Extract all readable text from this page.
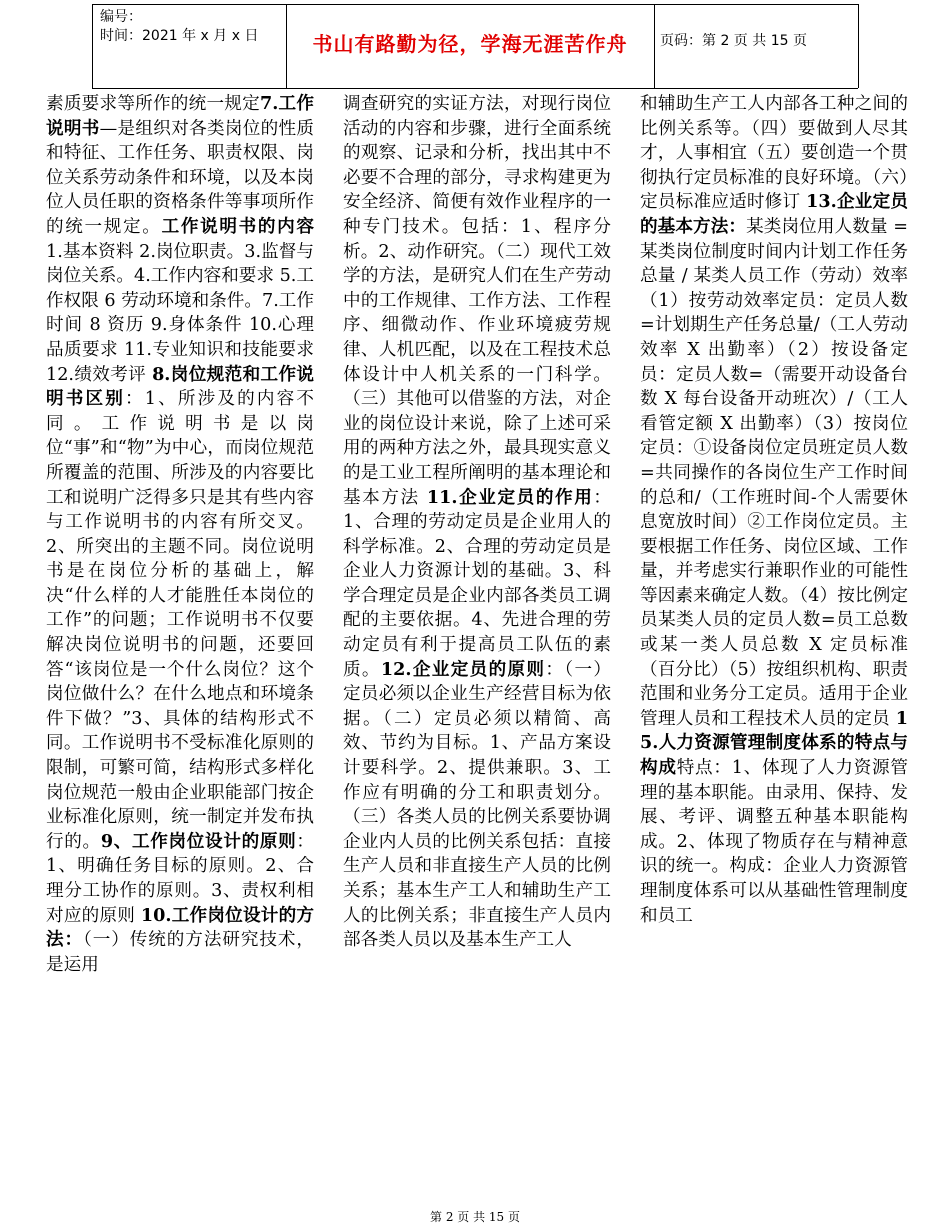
编号：
时间：2021 年 x 月 x 日	书山有路勤为径，学海无涯苦作舟	页码：第 2 页 共 15 页
素质要求等所作的统一规定7.工作说明书—是组织对各类岗位的性质和特征、工作任务、职责权限、岗位关系劳动条件和环境，以及本岗位人员任职的资格条件等事项所作的统一规定。工作说明书的内容 1.基本资料 2.岗位职责。3.监督与岗位关系。4.工作内容和要求 5.工作权限 6 劳动环境和条件。7.工作时间 8 资历 9.身体条件 10.心理品质要求 11.专业知识和技能要求 12.绩效考评 8.岗位规范和工作说明书区别：1、所涉及的内容不同。工作说明书是以岗位“事”和“物”为中心，而岗位规范所覆盖的范围、所涉及的内容要比工和说明广泛得多只是其有些内容与工作说明书的内容有所交叉。2、所突出的主题不同。岗位说明书是在岗位分析的基础上，解决“什么样的人才能胜任本岗位的工作”的问题；工作说明书不仅要解决岗位说明书的问题，还要回答“该岗位是一个什么岗位？这个岗位做什么？在什么地点和环境条件下做？”3、具体的结构形式不同。工作说明书不受标准化原则的限制，可繁可简，结构形式多样化岗位规范一般由企业职能部门按企业标准化原则，统一制定并发布执行的。9、工作岗位设计的原则： 1、明确任务目标的原则。2、合理分工协作的原则。3、责权利相对应的原则 10.工作岗位设计的方法：（一）传统的方法研究技术，是运用
调查研究的实证方法，对现行岗位活动的内容和步骤，进行全面系统的观察、记录和分析，找出其中不必要不合理的部分，寻求构建更为安全经济、简便有效作业程序的一种专门技术。包括：1、程序分析。2、动作研究。（二）现代工效学的方法，是研究人们在生产劳动中的工作规律、工作方法、工作程序、细微动作、作业环境疲劳规律、人机匹配，以及在工程技术总体设计中人机关系的一门科学。（三）其他可以借鉴的方法，对企业的岗位设计来说，除了上述可采用的两种方法之外，最具现实意义的是工业工程所阐明的基本理论和基本方法 11.企业定员的作用：1、合理的劳动定员是企业用人的科学标准。2、合理的劳动定员是企业人力资源计划的基础。3、科学合理定员是企业内部各类员工调配的主要依据。4、先进合理的劳动定员有利于提高员工队伍的素质。12.企业定员的原则：（一）定员必须以企业生产经营目标为依据。（二）定员必须以精简、高效、节约为目标。1、产品方案设计要科学。2、提供兼职。3、工作应有明确的分工和职责划分。（三）各类人员的比例关系要协调企业内人员的比例关系包括：直接生产人员和非直接生产人员的比例关系；基本生产工人和辅助生产工人的比例关系；非直接生产人员内部各类人员以及基本生产工人
和辅助生产工人内部各工种之间的比例关系等。（四）要做到人尽其才，人事相宜（五）要创造一个贯彻执行定员标准的良好环境。（六）定员标准应适时修订 13.企业定员的基本方法：某类岗位用人数量 = 某类岗位制度时间内计划工作任务总量 / 某类人员工作（劳动）效率（1）按劳动效率定员：定员人数=计划期生产任务总量/（工人劳动效率 X 出勤率）（2）按设备定员：定员人数=（需要开动设备台数 X 每台设备开动班次）/（工人看管定额 X 出勤率）（3）按岗位定员：①设备岗位定员班定员人数=共同操作的各岗位生产工作时间的总和/（工作班时间-个人需要休息宽放时间）②工作岗位定员。主要根据工作任务、岗位区域、工作量，并考虑实行兼职作业的可能性等因素来确定人数。（4）按比例定员某类人员的定员人数=员工总数或某一类人员总数 X 定员标准（百分比）（5）按组织机构、职责范围和业务分工定员。适用于企业管理人员和工程技术人员的定员 15.人力资源管理制度体系的特点与构成特点：1、体现了人力资源管理的基本职能。由录用、保持、发展、考评、调整五种基本职能构成。2、体现了物质存在与精神意识的统一。构成：企业人力资源管理制度体系可以从基础性管理制度和员工
第 2 页 共 15 页
